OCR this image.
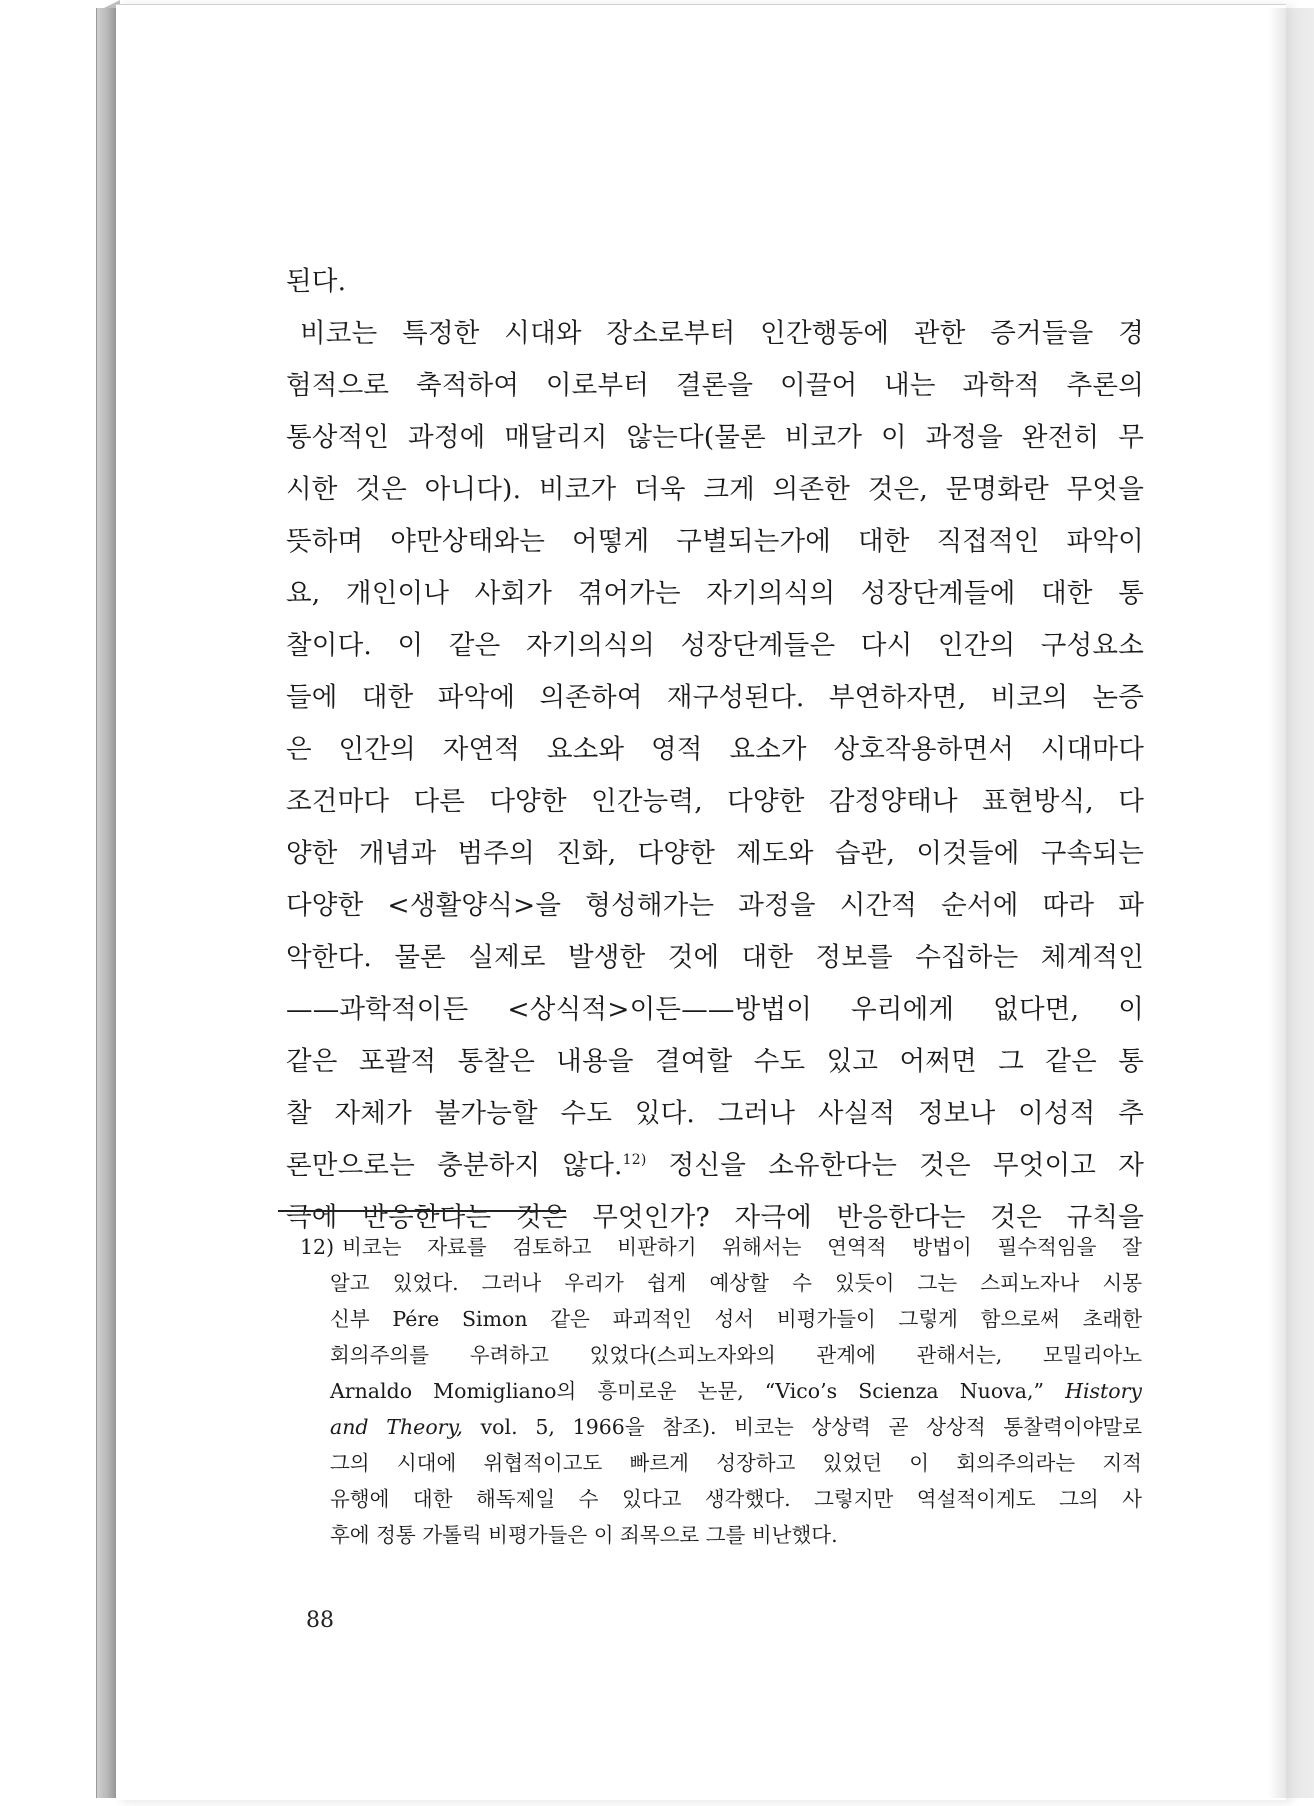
된다.
비코는 특정한 시대와 장소로부터 인간행동에 관한 증거들을 경
험적으로 축적하여 이로부터 결론을 이끌어 내는 과학적 추론의
통상적인 과정에 매달리지 않는다(물론 비코가 이 과정을 완전히 무
시한 것은 아니다). 비코가 더욱 크게 의존한 것은, 문명화란 무엇을
뜻하며 야만상태와는 어떻게 구별되는가에 대한 직접적인 파악이
요, 개인이나 사회가 겪어가는 자기의식의 성장단계들에 대한 통
찰이다. 이 같은 자기의식의 성장단계들은 다시 인간의 구성요소
들에 대한 파악에 의존하여 재구성된다. 부연하자면, 비코의 논증
은 인간의 자연적 요소와 영적 요소가 상호작용하면서 시대마다
조건마다 다른 다양한 인간능력, 다양한 감정양태나 표현방식, 다
양한 개념과 범주의 진화, 다양한 제도와 습관, 이것들에 구속되는
다양한 <생활양식>을 형성해가는 과정을 시간적 순서에 따라 파
악한다. 물론 실제로 발생한 것에 대한 정보를 수집하는 체계적인
——과학적이든 <상식적>이든——방법이 우리에게 없다면, 이
같은 포괄적 통찰은 내용을 결여할 수도 있고 어쩌면 그 같은 통
찰 자체가 불가능할 수도 있다. 그러나 사실적 정보나 이성적 추
론만으로는 충분하지 않다.$^{12)}$ 정신을 소유한다는 것은 무엇이고 자
극에 반응한다는 것은 무엇인가? 자극에 반응한다는 것은 규칙을
12) 비코는 자료를 검토하고 비판하기 위해서는 연역적 방법이 필수적임을 잘
알고 있었다. 그러나 우리가 쉽게 예상할 수 있듯이 그는 스피노자나 시몽
신부 Pére Simon 같은 파괴적인 성서 비평가들이 그렇게 함으로써 초래한
회의주의를 우려하고 있었다(스피노자와의 관계에 관해서는, 모밀리아노
Arnaldo Momigliano의 흥미로운 논문, “Vico’s Scienza Nuova,” History
and Theory, vol. 5, 1966을 참조). 비코는 상상력 곧 상상적 통찰력이야말로
그의 시대에 위협적이고도 빠르게 성장하고 있었던 이 회의주의라는 지적
유행에 대한 해독제일 수 있다고 생각했다. 그렇지만 역설적이게도 그의 사
후에 정통 가톨릭 비평가들은 이 죄목으로 그를 비난했다.
88
